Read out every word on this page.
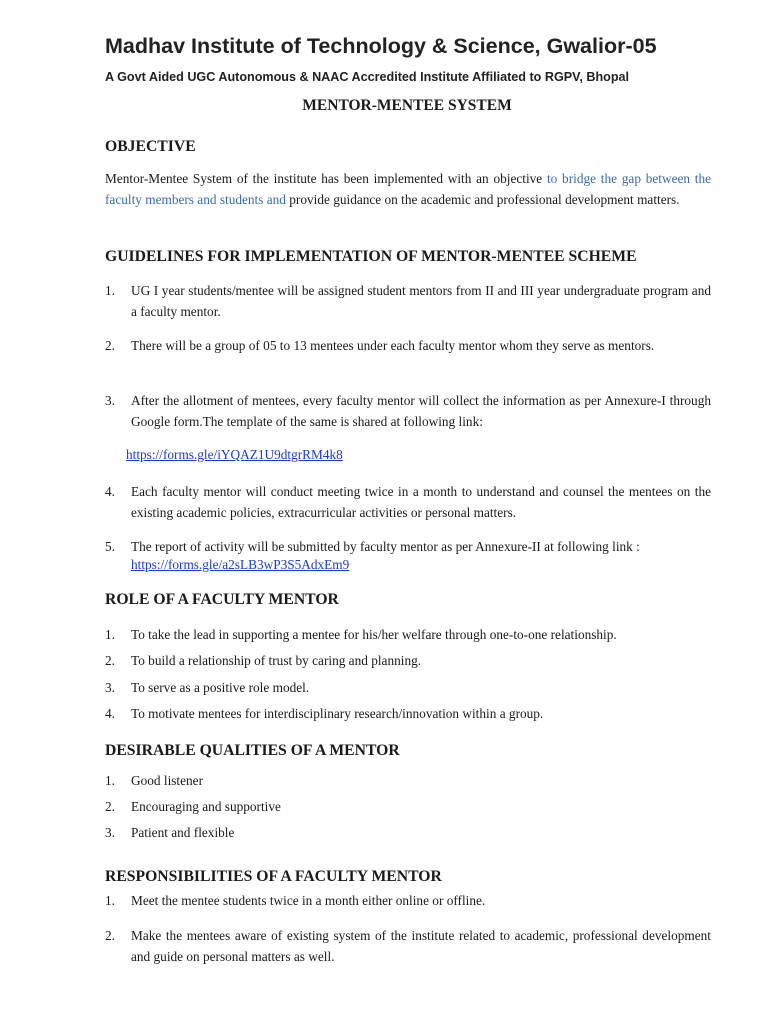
Madhav Institute of Technology & Science, Gwalior-05
A Govt Aided UGC Autonomous & NAAC Accredited Institute Affiliated to RGPV, Bhopal
MENTOR-MENTEE SYSTEM
OBJECTIVE
Mentor-Mentee System of the institute has been implemented with an objective to bridge the gap between the faculty members and students and provide guidance on the academic and professional development matters.
GUIDELINES FOR IMPLEMENTATION OF MENTOR-MENTEE SCHEME
1. UG I year students/mentee will be assigned student mentors from II and III year undergraduate program and a faculty mentor.
2. There will be a group of 05 to 13 mentees under each faculty mentor whom they serve as mentors.
3. After the allotment of mentees, every faculty mentor will collect the information as per Annexure-I through Google form.The template of the same is shared at following link:
https://forms.gle/iYQAZ1U9dtgrRM4k8
4. Each faculty mentor will conduct meeting twice in a month to understand and counsel the mentees on the existing academic policies, extracurricular activities or personal matters.
5. The report of activity will be submitted by faculty mentor as per Annexure-II at following link :
https://forms.gle/a2sLB3wP3S5AdxEm9
ROLE OF A FACULTY MENTOR
1. To take the lead in supporting a mentee for his/her welfare through one-to-one relationship.
2. To build a relationship of trust by caring and planning.
3. To serve as a positive role model.
4. To motivate mentees for interdisciplinary research/innovation within a group.
DESIRABLE QUALITIES OF A MENTOR
1. Good listener
2. Encouraging and supportive
3. Patient and flexible
RESPONSIBILITIES OF A FACULTY MENTOR
1. Meet the mentee students twice in a month either online or offline.
2. Make the mentees aware of existing system of the institute related to academic, professional development and guide on personal matters as well.
